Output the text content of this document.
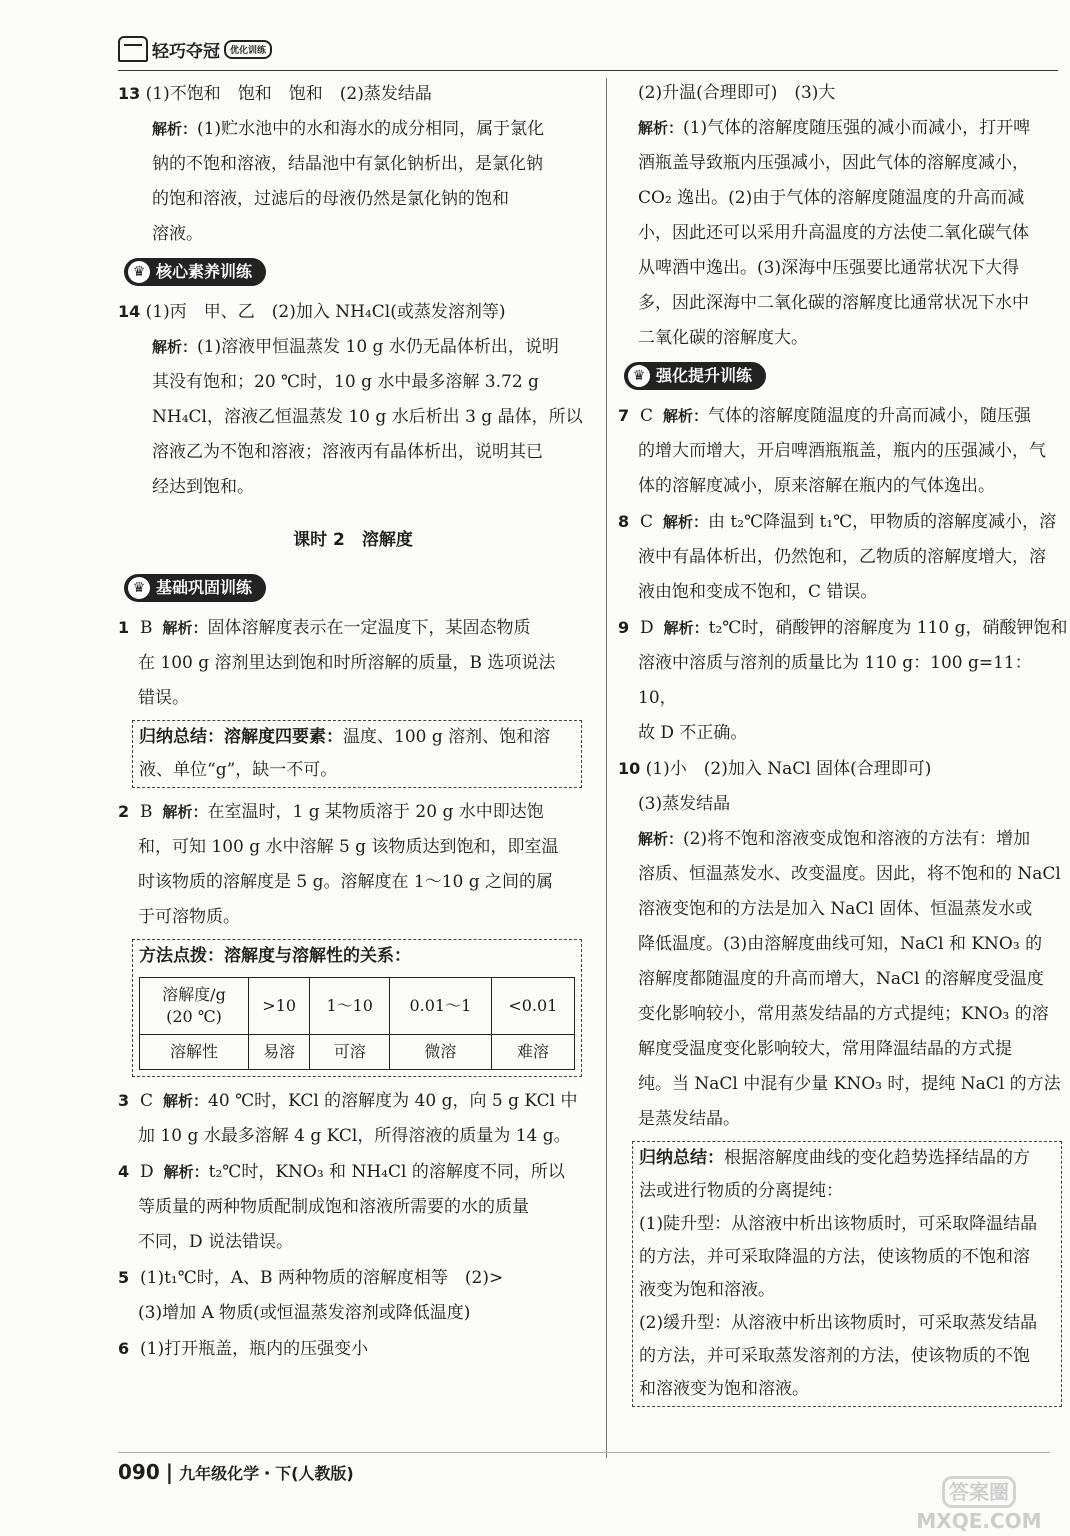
轻巧夺冠	优化训练

13 (1)不饱和　饱和　饱和　(2)蒸发结晶

解析：(1)贮水池中的水和海水的成分相同，属于氯化

钠的不饱和溶液，结晶池中有氯化钠析出，是氯化钠

的饱和溶液，过滤后的母液仍然是氯化钠的饱和

溶液。

♛ 核心素养训练

14 (1)丙　甲、乙　(2)加入 NH₄Cl(或蒸发溶剂等)

解析：(1)溶液甲恒温蒸发 10 g 水仍无晶体析出，说明

其没有饱和；20 ℃时，10 g 水中最多溶解 3.72 g

NH₄Cl，溶液乙恒温蒸发 10 g 水后析出 3 g 晶体，所以

溶液乙为不饱和溶液；溶液丙有晶体析出，说明其已

经达到饱和。

课时 2　溶解度
♛ 基础巩固训练

1 B 解析：固体溶解度表示在一定温度下，某固态物质

在 100 g 溶剂里达到饱和时所溶解的质量，B 选项说法

错误。

归纳总结：溶解度四要素：温度、100 g 溶剂、饱和溶
液、单位“g”，缺一不可。

2 B 解析：在室温时，1 g 某物质溶于 20 g 水中即达饱

和，可知 100 g 水中溶解 5 g 该物质达到饱和，即室温

时该物质的溶解度是 5 g。溶解度在 1～10 g 之间的属

于可溶物质。

方法点拨：溶解度与溶解性的关系：
溶解度/g
(20 ℃)	>10	1～10	0.01～1	<0.01
溶解性	易溶	可溶	微溶	难溶

3 C 解析：40 ℃时，KCl 的溶解度为 40 g，向 5 g KCl 中

加 10 g 水最多溶解 4 g KCl，所得溶液的质量为 14 g。

4 D 解析：t₂℃时，KNO₃ 和 NH₄Cl 的溶解度不同，所以

等质量的两种物质配制成饱和溶液所需要的水的质量

不同，D 说法错误。

5 (1)t₁℃时，A、B 两种物质的溶解度相等　(2)>

(3)增加 A 物质(或恒温蒸发溶剂或降低温度)

6 (1)打开瓶盖，瓶内的压强变小

(2)升温(合理即可)　(3)大

解析：(1)气体的溶解度随压强的减小而减小，打开啤

酒瓶盖导致瓶内压强减小，因此气体的溶解度减小，

CO₂ 逸出。(2)由于气体的溶解度随温度的升高而减

小，因此还可以采用升高温度的方法使二氧化碳气体

从啤酒中逸出。(3)深海中压强要比通常状况下大得

多，因此深海中二氧化碳的溶解度比通常状况下水中

二氧化碳的溶解度大。

♛ 强化提升训练

7 C 解析：气体的溶解度随温度的升高而减小，随压强

的增大而增大，开启啤酒瓶瓶盖，瓶内的压强减小，气

体的溶解度减小，原来溶解在瓶内的气体逸出。

8 C 解析：由 t₂℃降温到 t₁℃，甲物质的溶解度减小，溶

液中有晶体析出，仍然饱和，乙物质的溶解度增大，溶

液由饱和变成不饱和，C 错误。

9 D 解析：t₂℃时，硝酸钾的溶解度为 110 g，硝酸钾饱和

溶液中溶质与溶剂的质量比为 110 g：100 g=11：10，

故 D 不正确。

10 (1)小　(2)加入 NaCl 固体(合理即可)

(3)蒸发结晶

解析：(2)将不饱和溶液变成饱和溶液的方法有：增加

溶质、恒温蒸发水、改变温度。因此，将不饱和的 NaCl

溶液变饱和的方法是加入 NaCl 固体、恒温蒸发水或

降低温度。(3)由溶解度曲线可知，NaCl 和 KNO₃ 的

溶解度都随温度的升高而增大，NaCl 的溶解度受温度

变化影响较小，常用蒸发结晶的方式提纯；KNO₃ 的溶

解度受温度变化影响较大，常用降温结晶的方式提

纯。当 NaCl 中混有少量 KNO₃ 时，提纯 NaCl 的方法

是蒸发结晶。

归纳总结：根据溶解度曲线的变化趋势选择结晶的方
法或进行物质的分离提纯：
(1)陡升型：从溶液中析出该物质时，可采取降温结晶
的方法，并可采取降温的方法，使该物质的不饱和溶
液变为饱和溶液。
(2)缓升型：从溶液中析出该物质时，可采取蒸发结晶
的方法，并可采取蒸发溶剂的方法，使该物质的不饱
和溶液变为饱和溶液。
090 | 九年级化学・下(人教版)
答案圈
MXQE.COM
